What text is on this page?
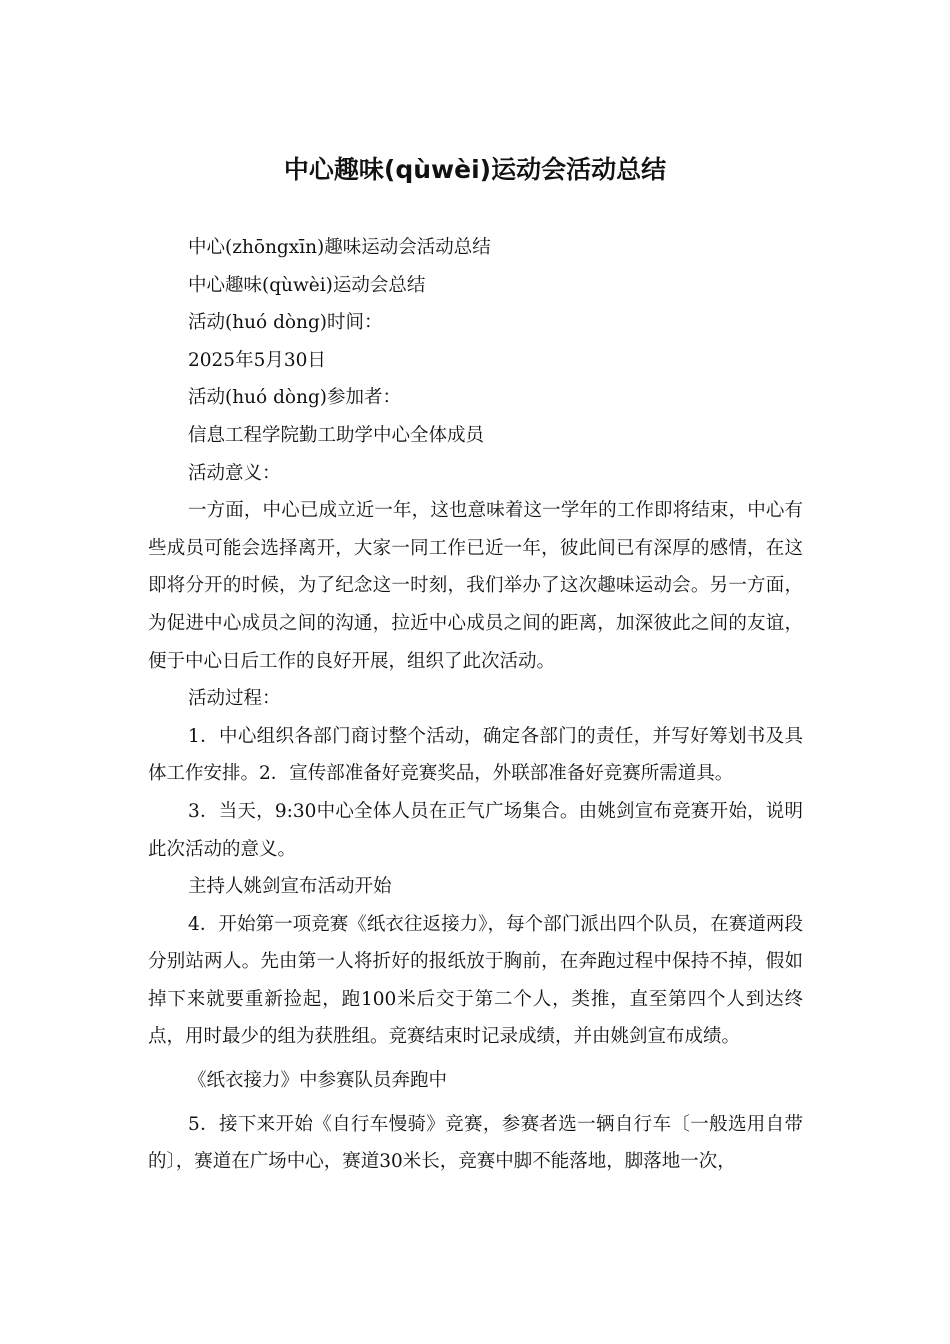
中心趣味(qùwèi)运动会活动总结

中心(zhōngxīn)趣味运动会活动总结

中心趣味(qùwèi)运动会总结

活动(huó dòng)时间：

2025年5月30日

活动(huó dòng)参加者：

信息工程学院勤工助学中心全体成员

活动意义：

一方面，中心已成立近一年，这也意味着这一学年的工作即将结束，中心有些成员可能会选择离开，大家一同工作已近一年，彼此间已有深厚的感情，在这即将分开的时候，为了纪念这一时刻，我们举办了这次趣味运动会。另一方面，为促进中心成员之间的沟通，拉近中心成员之间的距离，加深彼此之间的友谊，便于中心日后工作的良好开展，组织了此次活动。

活动过程：

1．中心组织各部门商讨整个活动，确定各部门的责任，并写好筹划书及具体工作安排。2．宣传部准备好竞赛奖品，外联部准备好竞赛所需道具。

3．当天，9:30中心全体人员在正气广场集合。由姚剑宣布竞赛开始，说明此次活动的意义。

主持人姚剑宣布活动开始

4．开始第一项竞赛《纸衣往返接力》，每个部门派出四个队员，在赛道两段分别站两人。先由第一人将折好的报纸放于胸前，在奔跑过程中保持不掉，假如掉下来就要重新捡起，跑100米后交于第二个人，类推，直至第四个人到达终点，用时最少的组为获胜组。竞赛结束时记录成绩，并由姚剑宣布成绩。

《纸衣接力》中参赛队员奔跑中

5．接下来开始《自行车慢骑》竞赛，参赛者选一辆自行车〔一般选用自带的〕，赛道在广场中心，赛道30米长，竞赛中脚不能落地，脚落地一次，
